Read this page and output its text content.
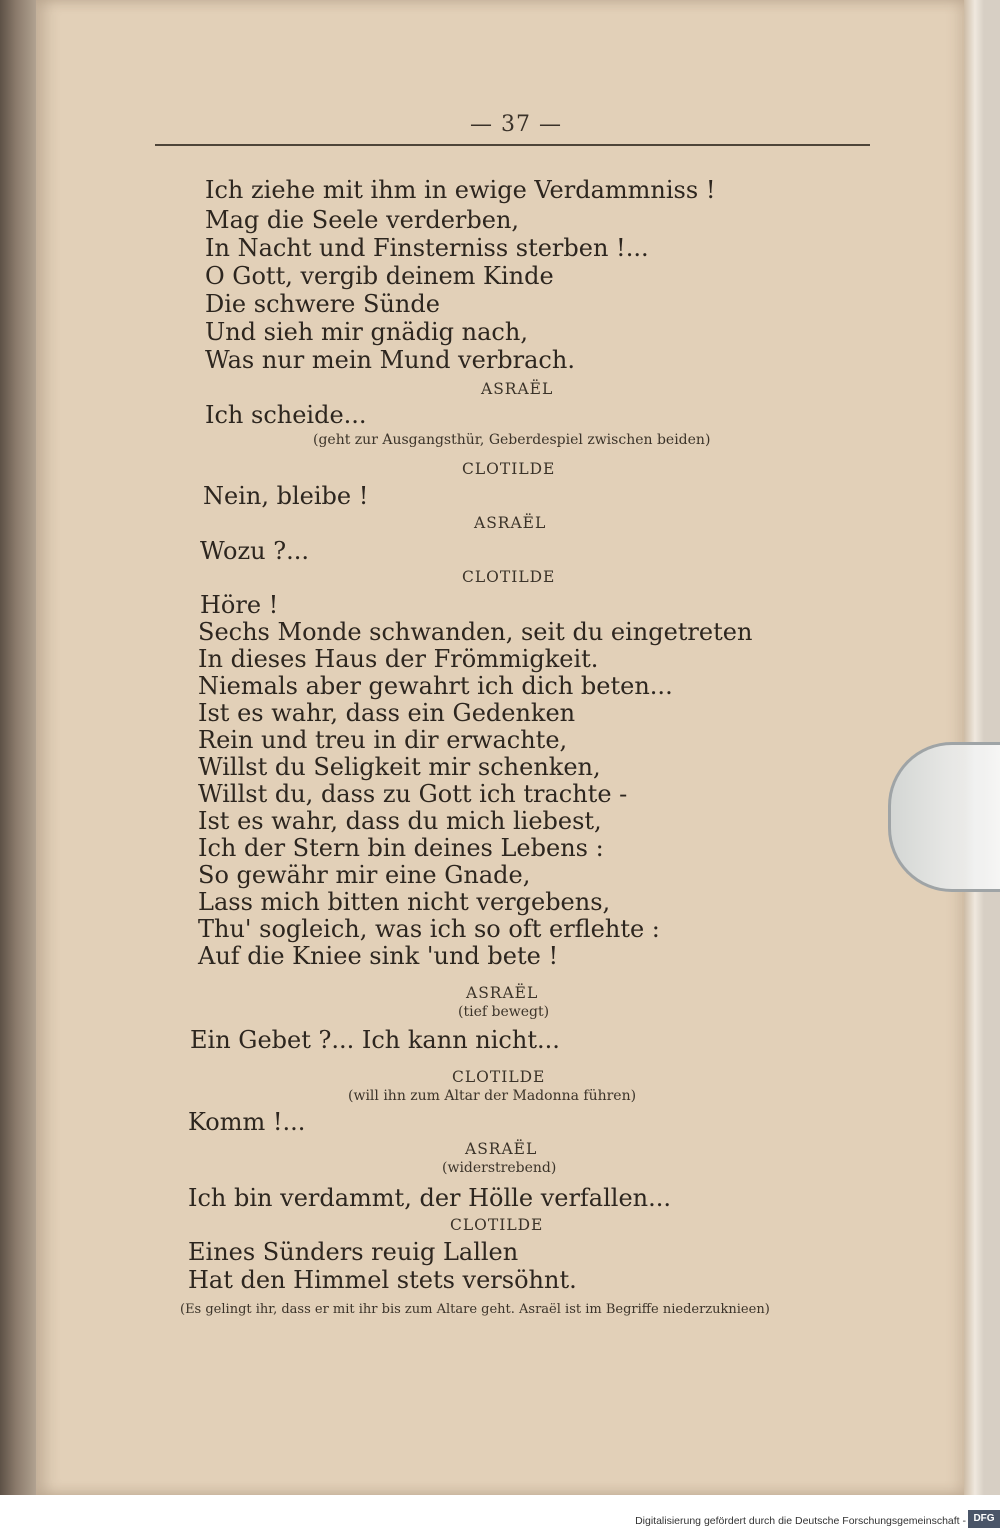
— 37 —

Ich ziehe mit ihm in ewige Verdammniss !

Mag die Seele verderben,

In Nacht und Finsterniss sterben !...

O Gott, vergib deinem Kinde

Die schwere Sünde

Und sieh mir gnädig nach,

Was nur mein Mund verbrach.

ASRAËL

Ich scheide...

(geht zur Ausgangsthür, Geberdespiel zwischen beiden)

CLOTILDE

Nein, bleibe !

ASRAËL

Wozu ?...

CLOTILDE

Höre !

Sechs Monde schwanden, seit du eingetreten

In dieses Haus der Frömmigkeit.

Niemals aber gewahrt ich dich beten...

Ist es wahr, dass ein Gedenken

Rein und treu in dir erwachte,

Willst du Seligkeit mir schenken,

Willst du, dass zu Gott ich trachte -

Ist es wahr, dass du mich liebest,

Ich der Stern bin deines Lebens :

So gewähr mir eine Gnade,

Lass mich bitten nicht vergebens,

Thu' sogleich, was ich so oft erflehte :

Auf die Kniee sink 'und bete !

ASRAËL

(tief bewegt)

Ein Gebet ?... Ich kann nicht...

CLOTILDE

(will ihn zum Altar der Madonna führen)

Komm !...

ASRAËL

(widerstrebend)

Ich bin verdammt, der Hölle verfallen...

CLOTILDE

Eines Sünders reuig Lallen

Hat den Himmel stets versöhnt.

(Es gelingt ihr, dass er mit ihr bis zum Altare geht. Asraël ist im Begriffe niederzuknieen)

Digitalisierung gefördert durch die Deutsche Forschungsgemeinschaft - DFG
